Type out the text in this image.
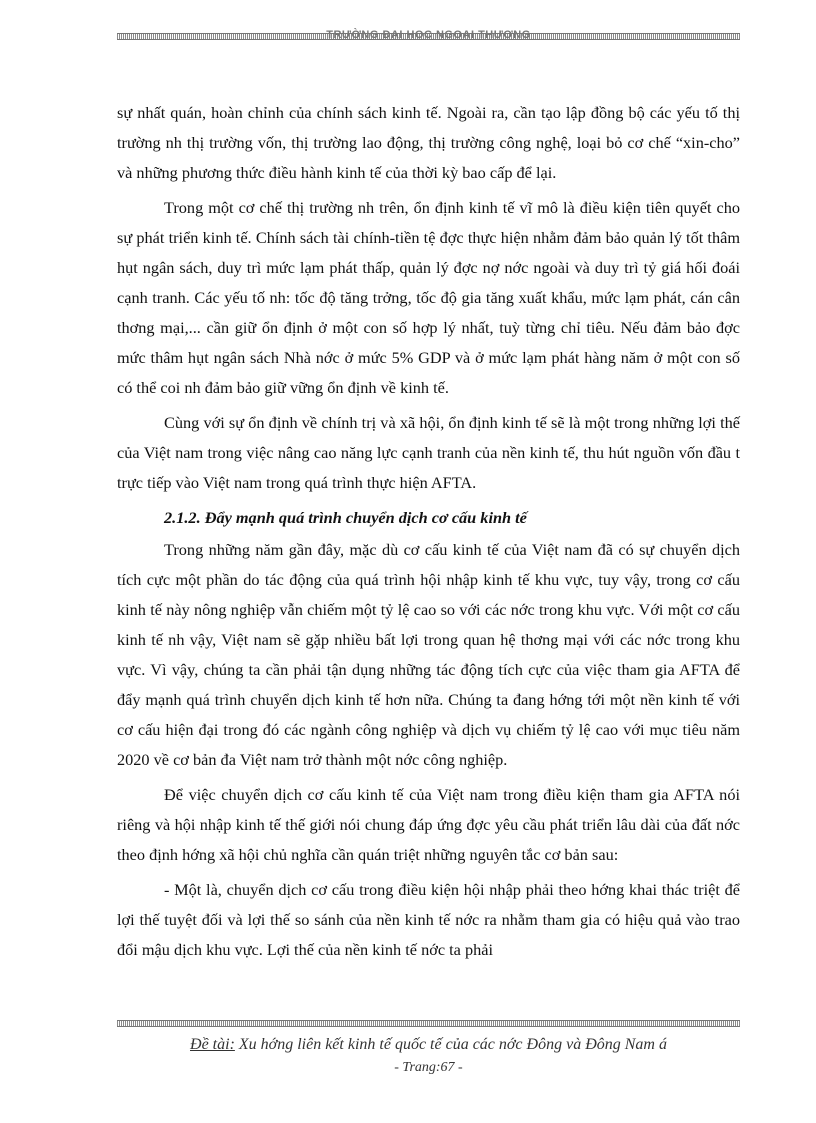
TRƯỜNG ĐẠI HỌC NGOẠI THƯƠNG

sự nhất quán, hoàn chỉnh của chính sách kinh tế. Ngoài ra, cần tạo lập đồng bộ các yếu tố thị trường nh thị trường vốn, thị trường lao động, thị trường công nghệ, loại bỏ cơ chế “xin-cho” và những phương thức điều hành kinh tế của thời kỳ bao cấp để lại.

Trong một cơ chế thị trường nh trên, ổn định kinh tế vĩ mô là điều kiện tiên quyết cho sự phát triển kinh tế. Chính sách tài chính-tiền tệ đợc thực hiện nhằm đảm bảo quản lý tốt thâm hụt ngân sách, duy trì mức lạm phát thấp, quản lý đợc nợ nớc ngoài và duy trì tỷ giá hối đoái cạnh tranh. Các yếu tố nh: tốc độ tăng trởng, tốc độ gia tăng xuất khẩu, mức lạm phát, cán cân thơng mại,... cần giữ ổn định ở một con số hợp lý nhất, tuỳ từng chỉ tiêu. Nếu đảm bảo đợc mức thâm hụt ngân sách Nhà nớc ở mức 5% GDP và ở mức lạm phát hàng năm ở một con số có thể coi nh đảm bảo giữ vững ổn định về kinh tế.

Cùng với sự ổn định về chính trị và xã hội, ổn định kinh tế sẽ là một trong những lợi thế của Việt nam trong việc nâng cao năng lực cạnh tranh của nền kinh tế, thu hút nguồn vốn đầu t trực tiếp vào Việt nam trong quá trình thực hiện AFTA.

2.1.2. Đẩy mạnh quá trình chuyển dịch cơ cấu kinh tế

Trong những năm gần đây, mặc dù cơ cấu kinh tế của Việt nam đã có sự chuyển dịch tích cực một phần do tác động của quá trình hội nhập kinh tế khu vực, tuy vậy, trong cơ cấu kinh tế này nông nghiệp vẫn chiếm một tỷ lệ cao so với các nớc trong khu vực. Với một cơ cấu kinh tế nh vậy, Việt nam sẽ gặp nhiều bất lợi trong quan hệ thơng mại với các nớc trong khu vực. Vì vậy, chúng ta cần phải tận dụng những tác động tích cực của việc tham gia AFTA để đẩy mạnh quá trình chuyển dịch kinh tế hơn nữa. Chúng ta đang hớng tới một nền kinh tế với cơ cấu hiện đại trong đó các ngành công nghiệp và dịch vụ chiếm tỷ lệ cao với mục tiêu năm 2020 về cơ bản đa Việt nam trở thành một nớc công nghiệp.

Để việc chuyển dịch cơ cấu kinh tế của Việt nam trong điều kiện tham gia AFTA nói riêng và hội nhập kinh tế thế giới nói chung đáp ứng đợc yêu cầu phát triển lâu dài của đất nớc theo định hớng xã hội chủ nghĩa cần quán triệt những nguyên tắc cơ bản sau:

- Một là, chuyển dịch cơ cấu trong điều kiện hội nhập phải theo hớng khai thác triệt để lợi thế tuyệt đối và lợi thế so sánh của nền kinh tế nớc ra nhằm tham gia có hiệu quả vào trao đổi mậu dịch khu vực. Lợi thế của nền kinh tế nớc ta phải

Đề tài: Xu hớng liên kết kinh tế quốc tế của các nớc Đông và Đông Nam á
- Trang:67 -
